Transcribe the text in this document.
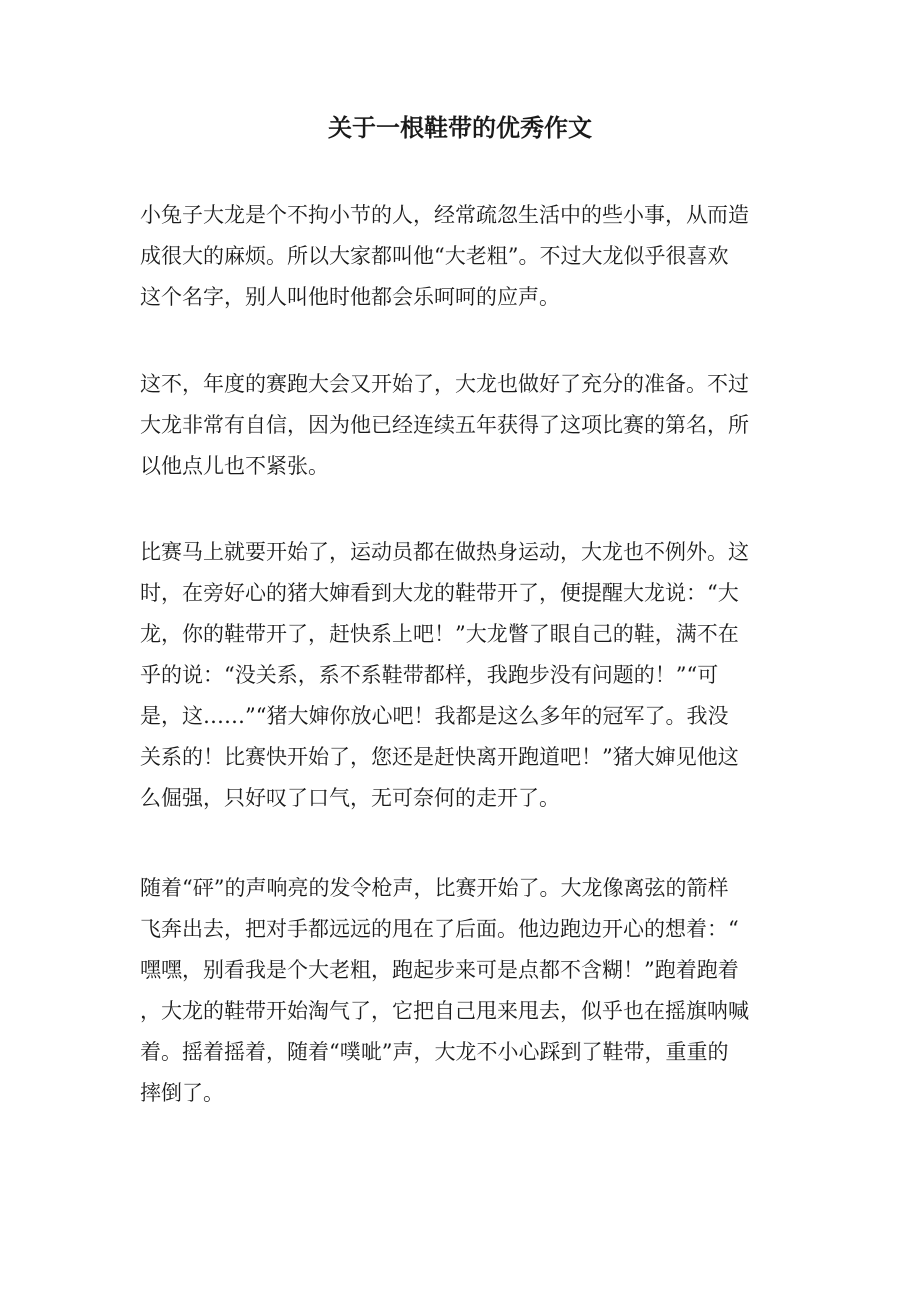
关于一根鞋带的优秀作文

小兔子大龙是个不拘小节的人，经常疏忽生活中的些小事，从而造
成很大的麻烦。所以大家都叫他“大老粗”。不过大龙似乎很喜欢
这个名字，别人叫他时他都会乐呵呵的应声。

这不，年度的赛跑大会又开始了，大龙也做好了充分的准备。不过
大龙非常有自信，因为他已经连续五年获得了这项比赛的第名，所
以他点儿也不紧张。

比赛马上就要开始了，运动员都在做热身运动，大龙也不例外。这
时，在旁好心的猪大婶看到大龙的鞋带开了，便提醒大龙说：“大
龙，你的鞋带开了，赶快系上吧！”大龙瞥了眼自己的鞋，满不在
乎的说：“没关系，系不系鞋带都样，我跑步没有问题的！”“可
是，这……”“猪大婶你放心吧！我都是这么多年的冠军了。我没
关系的！比赛快开始了，您还是赶快离开跑道吧！”猪大婶见他这
么倔强，只好叹了口气，无可奈何的走开了。

随着“砰”的声响亮的发令枪声，比赛开始了。大龙像离弦的箭样
飞奔出去，把对手都远远的甩在了后面。他边跑边开心的想着：“
嘿嘿，别看我是个大老粗，跑起步来可是点都不含糊！”跑着跑着
，大龙的鞋带开始淘气了，它把自己甩来甩去，似乎也在摇旗呐喊
着。摇着摇着，随着“噗呲”声，大龙不小心踩到了鞋带，重重的
摔倒了。
